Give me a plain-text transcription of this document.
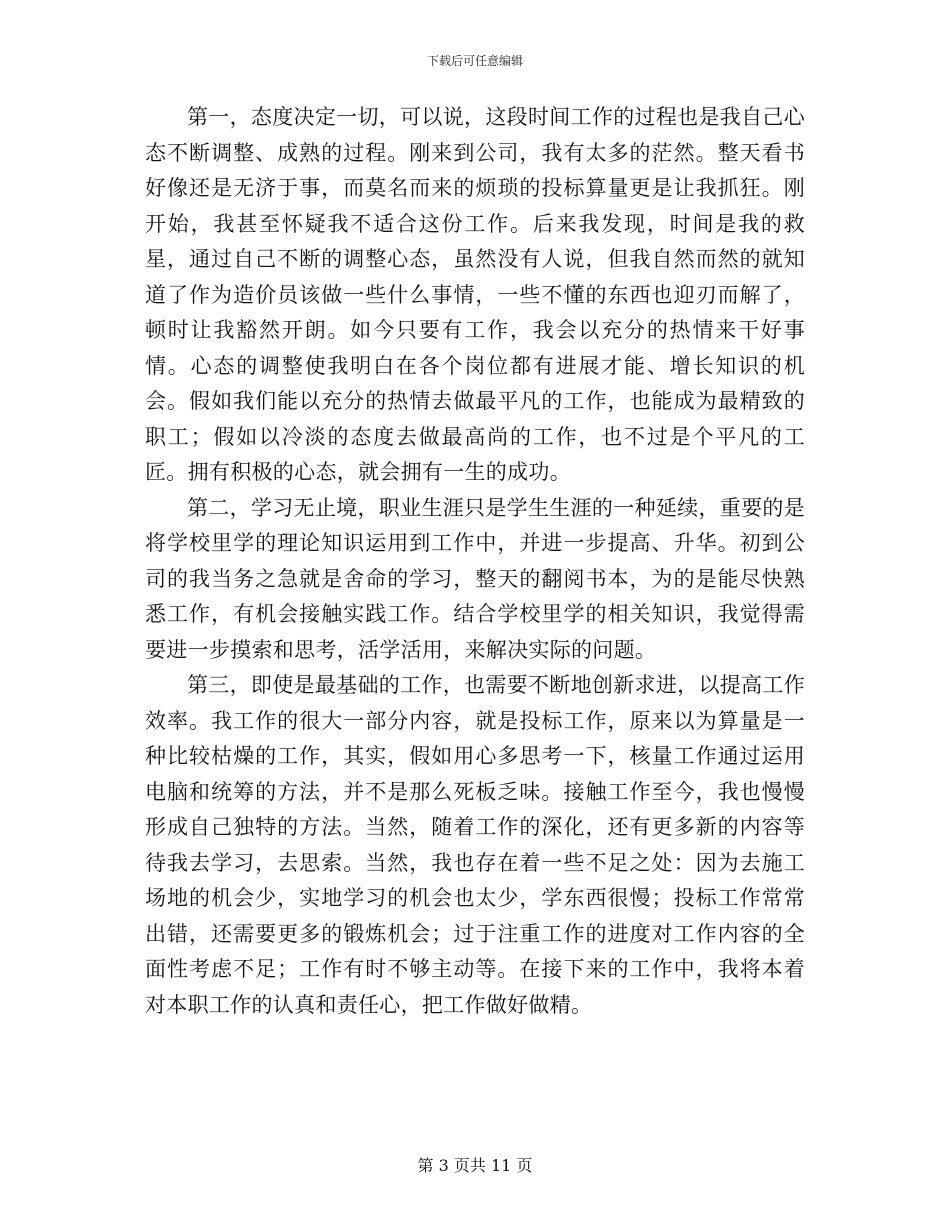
下载后可任意编辑

第一，态度决定一切，可以说，这段时间工作的过程也是我自己心态不断调整、成熟的过程。刚来到公司，我有太多的茫然。整天看书好像还是无济于事，而莫名而来的烦琐的投标算量更是让我抓狂。刚开始，我甚至怀疑我不适合这份工作。后来我发现，时间是我的救星，通过自己不断的调整心态，虽然没有人说，但我自然而然的就知道了作为造价员该做一些什么事情，一些不懂的东西也迎刃而解了，顿时让我豁然开朗。如今只要有工作，我会以充分的热情来干好事情。心态的调整使我明白在各个岗位都有进展才能、增长知识的机会。假如我们能以充分的热情去做最平凡的工作，也能成为最精致的职工；假如以冷淡的态度去做最高尚的工作，也不过是个平凡的工匠。拥有积极的心态，就会拥有一生的成功。

第二，学习无止境，职业生涯只是学生生涯的一种延续，重要的是将学校里学的理论知识运用到工作中，并进一步提高、升华。初到公司的我当务之急就是舍命的学习，整天的翻阅书本，为的是能尽快熟悉工作，有机会接触实践工作。结合学校里学的相关知识，我觉得需要进一步摸索和思考，活学活用，来解决实际的问题。

第三，即使是最基础的工作，也需要不断地创新求进，以提高工作效率。我工作的很大一部分内容，就是投标工作，原来以为算量是一种比较枯燥的工作，其实，假如用心多思考一下，核量工作通过运用电脑和统筹的方法，并不是那么死板乏味。接触工作至今，我也慢慢形成自己独特的方法。当然，随着工作的深化，还有更多新的内容等待我去学习，去思索。当然，我也存在着一些不足之处：因为去施工场地的机会少，实地学习的机会也太少，学东西很慢；投标工作常常出错，还需要更多的锻炼机会；过于注重工作的进度对工作内容的全面性考虑不足；工作有时不够主动等。在接下来的工作中，我将本着对本职工作的认真和责任心，把工作做好做精。

第 3 页共 11 页
